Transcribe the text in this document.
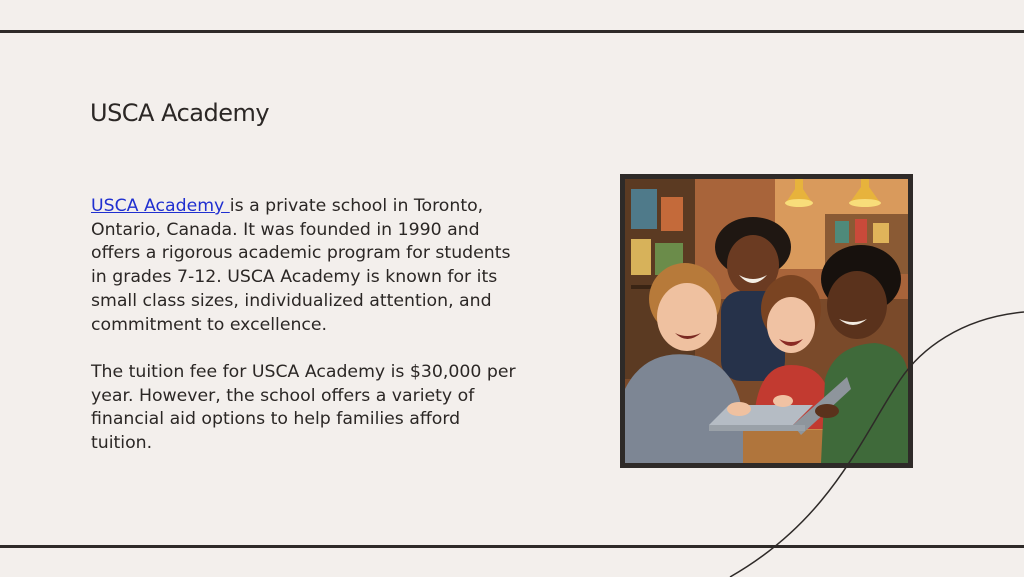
USCA Academy

USCA Academy is a private school in Toronto, Ontario, Canada. It was founded in 1990 and offers a rigorous academic program for students in grades 7-12. USCA Academy is known for its small class sizes, individualized attention, and commitment to excellence.

The tuition fee for USCA Academy is $30,000 per year. However, the school offers a variety of financial aid options to help families afford tuition.
